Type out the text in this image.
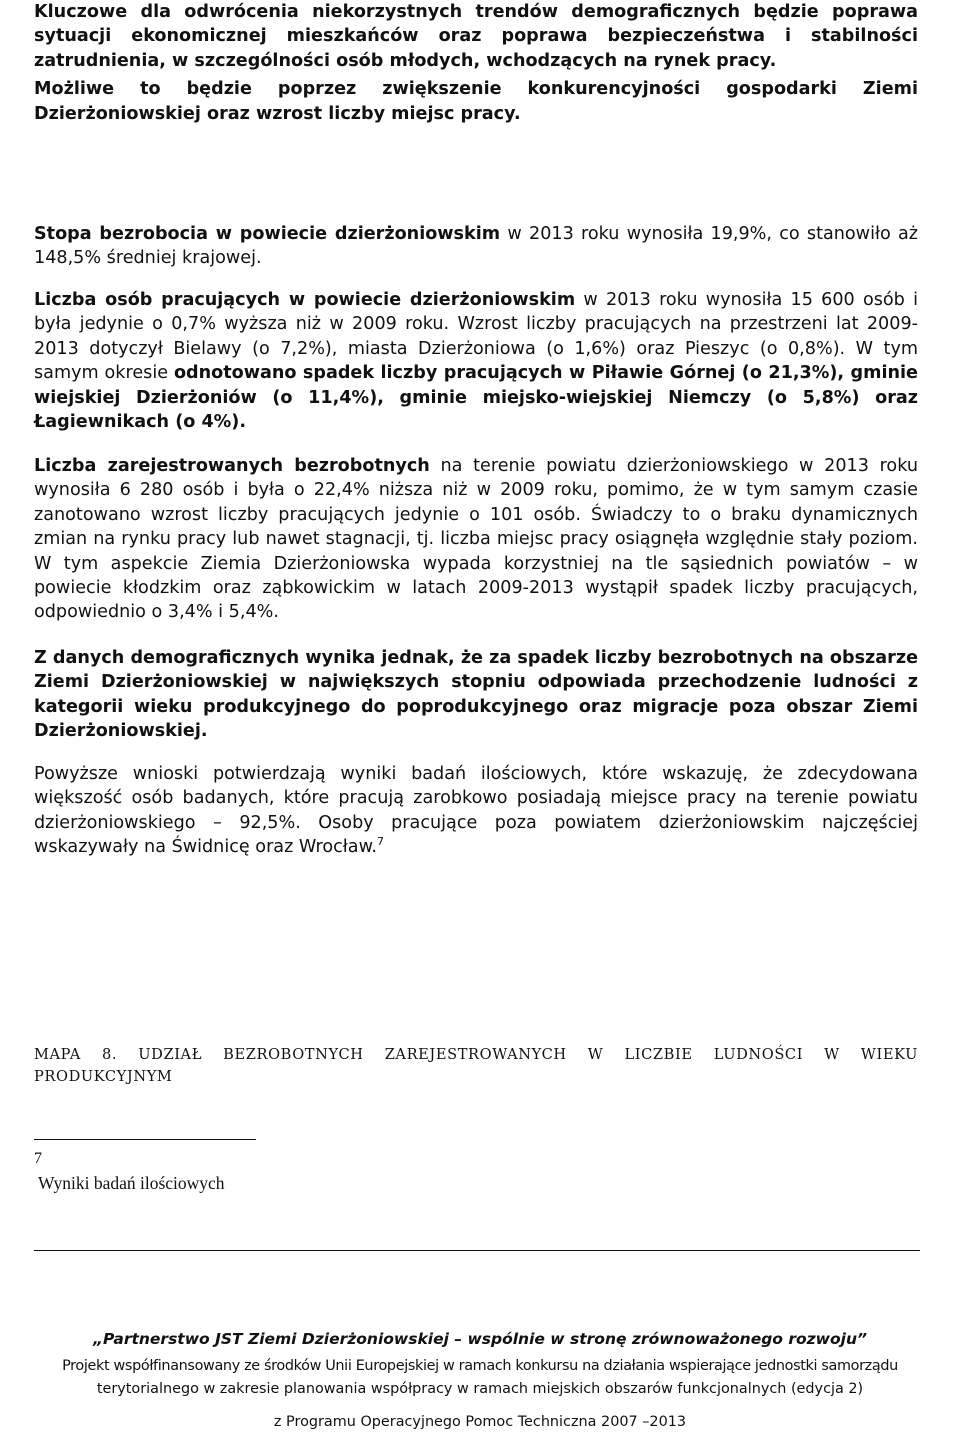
Kluczowe dla odwrócenia niekorzystnych trendów demograficznych będzie poprawa sytuacji ekonomicznej mieszkańców oraz poprawa bezpieczeństwa i stabilności zatrudnienia, w szczególności osób młodych, wchodzących na rynek pracy.
Możliwe to będzie poprzez zwiększenie konkurencyjności gospodarki Ziemi Dzierżoniowskiej oraz wzrost liczby miejsc pracy.

Stopa bezrobocia w powiecie dzierżoniowskim w 2013 roku wynosiła 19,9%, co stanowiło aż 148,5% średniej krajowej.

Liczba osób pracujących w powiecie dzierżoniowskim w 2013 roku wynosiła 15 600 osób i była jedynie o 0,7% wyższa niż w 2009 roku. Wzrost liczby pracujących na przestrzeni lat 2009-2013 dotyczył Bielawy (o 7,2%), miasta Dzierżoniowa (o 1,6%) oraz Pieszyc (o 0,8%). W tym samym okresie odnotowano spadek liczby pracujących w Piławie Górnej (o 21,3%), gminie wiejskiej Dzierżoniów (o 11,4%), gminie miejsko-wiejskiej Niemczy (o 5,8%) oraz Łagiewnikach (o 4%).

Liczba zarejestrowanych bezrobotnych na terenie powiatu dzierżoniowskiego w 2013 roku wynosiła 6 280 osób i była o 22,4% niższa niż w 2009 roku, pomimo, że w tym samym czasie zanotowano wzrost liczby pracujących jedynie o 101 osób. Świadczy to o braku dynamicznych zmian na rynku pracy lub nawet stagnacji, tj. liczba miejsc pracy osiągnęła względnie stały poziom. W tym aspekcie Ziemia Dzierżoniowska wypada korzystniej na tle sąsiednich powiatów – w powiecie kłodzkim oraz ząbkowickim w latach 2009-2013 wystąpił spadek liczby pracujących, odpowiednio o 3,4% i 5,4%.

Z danych demograficznych wynika jednak, że za spadek liczby bezrobotnych na obszarze Ziemi Dzierżoniowskiej w największych stopniu odpowiada przechodzenie ludności z kategorii wieku produkcyjnego do poprodukcyjnego oraz migracje poza obszar Ziemi Dzierżoniowskiej.

Powyższe wnioski potwierdzają wyniki badań ilościowych, które wskazuję, że zdecydowana większość osób badanych, które pracują zarobkowo posiadają miejsce pracy na terenie powiatu dzierżoniowskiego – 92,5%. Osoby pracujące poza powiatem dzierżoniowskim najczęściej wskazywały na Świdnicę oraz Wrocław.$^7$

MAPA 8. UDZIAŁ BEZROBOTNYCH ZAREJESTROWANYCH W LICZBIE LUDNOŚCI W WIEKU PRODUKCYJNYM

7

Wyniki badań ilościowych

„Partnerstwo JST Ziemi Dzierżoniowskiej – wspólnie w stronę zrównoważonego rozwoju”

Projekt współfinansowany ze środków Unii Europejskiej w ramach konkursu na działania wspierające jednostki samorządu

terytorialnego w zakresie planowania współpracy w ramach miejskich obszarów funkcjonalnych (edycja 2)

z Programu Operacyjnego Pomoc Techniczna 2007 –2013
